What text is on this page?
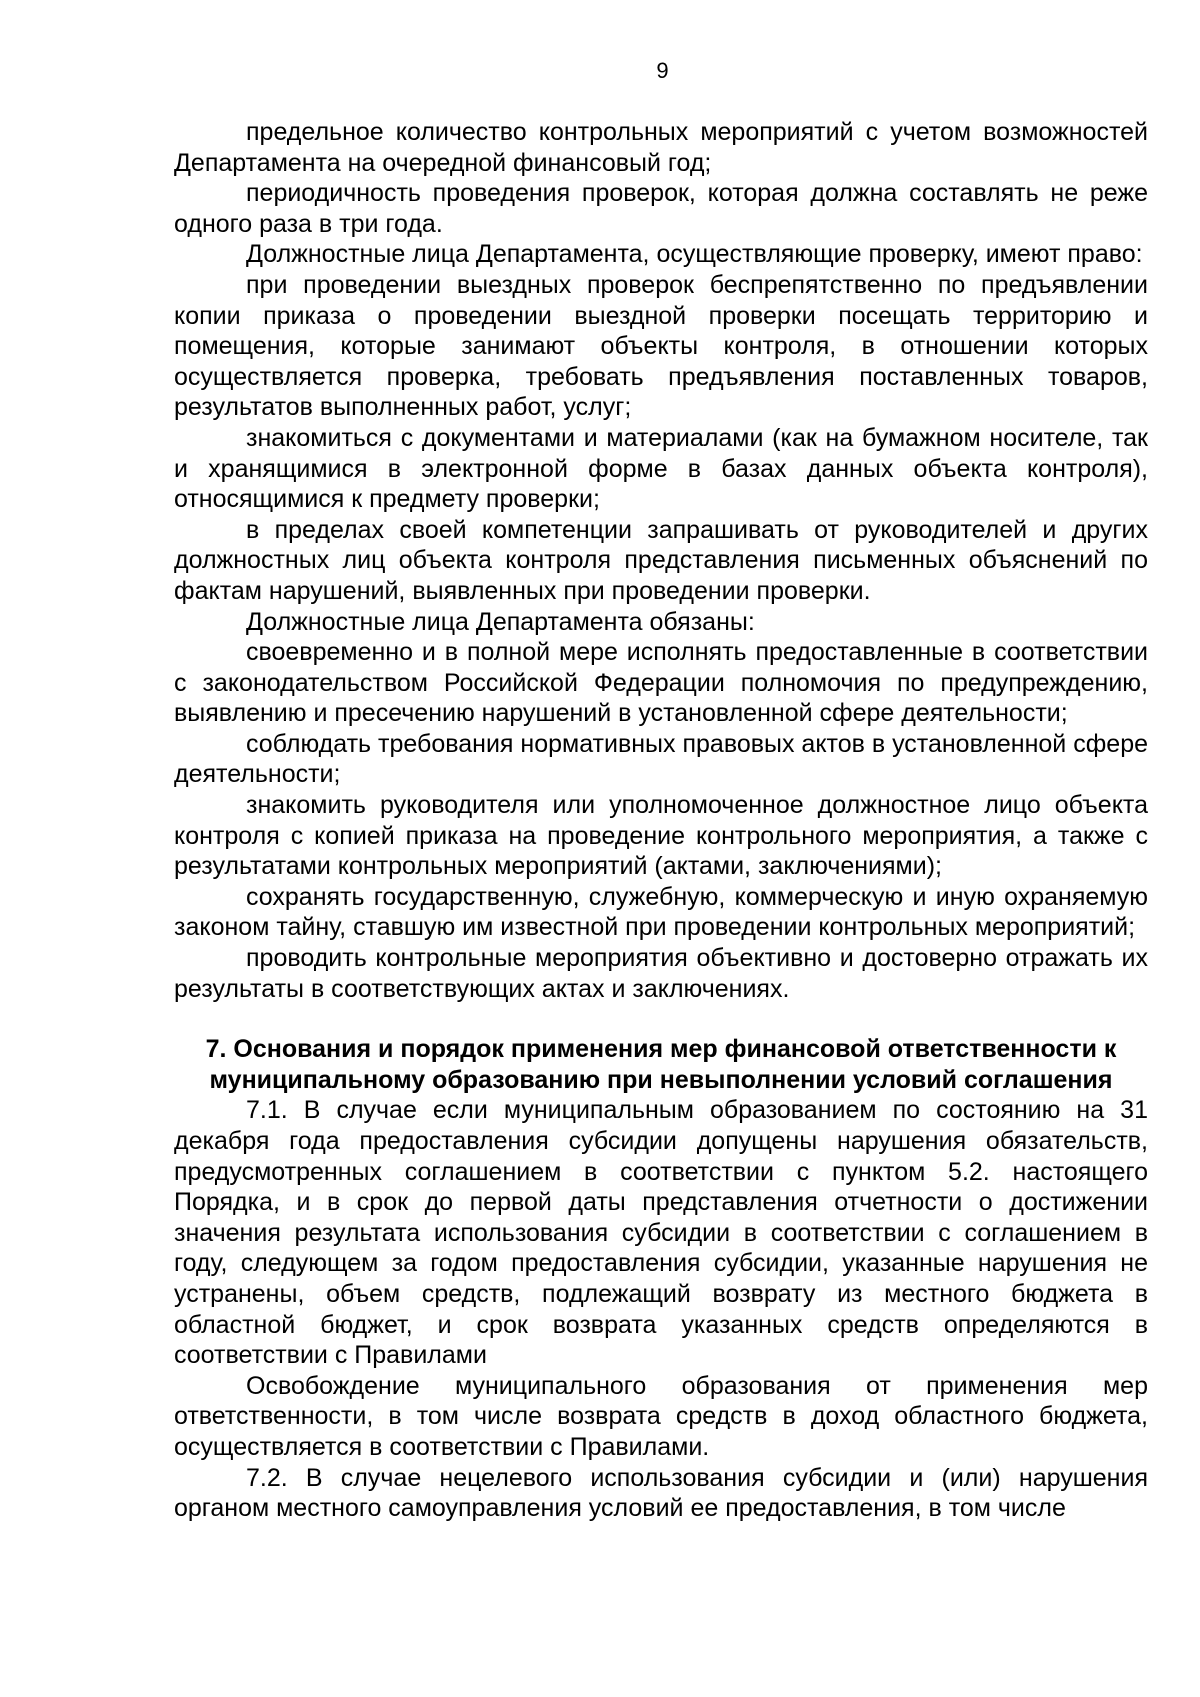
9

предельное количество контрольных мероприятий с учетом возможностей Департамента на очередной финансовый год;

периодичность проведения проверок, которая должна составлять не реже одного раза в три года.

Должностные лица Департамента, осуществляющие проверку, имеют право:

при проведении выездных проверок беспрепятственно по предъявлении копии приказа о проведении выездной проверки посещать территорию и помещения, которые занимают объекты контроля, в отношении которых осуществляется проверка, требовать предъявления поставленных товаров, результатов выполненных работ, услуг;

знакомиться с документами и материалами (как на бумажном носителе, так и хранящимися в электронной форме в базах данных объекта контроля), относящимися к предмету проверки;

в пределах своей компетенции запрашивать от руководителей и других должностных лиц объекта контроля представления письменных объяснений по фактам нарушений, выявленных при проведении проверки.

Должностные лица Департамента обязаны:

своевременно и в полной мере исполнять предоставленные в соответствии с законодательством Российской Федерации полномочия по предупреждению, выявлению и пресечению нарушений в установленной сфере деятельности;

соблюдать требования нормативных правовых актов в установленной сфере деятельности;

знакомить руководителя или уполномоченное должностное лицо объекта контроля с копией приказа на проведение контрольного мероприятия, а также с результатами контрольных мероприятий (актами, заключениями);

сохранять государственную, служебную, коммерческую и иную охраняемую законом тайну, ставшую им известной при проведении контрольных мероприятий;

проводить контрольные мероприятия объективно и достоверно отражать их результаты в соответствующих актах и заключениях.

7. Основания и порядок применения мер финансовой ответственности к муниципальному образованию при невыполнении условий соглашения

7.1. В случае если муниципальным образованием по состоянию на 31 декабря года предоставления субсидии допущены нарушения обязательств, предусмотренных соглашением в соответствии с пунктом 5.2. настоящего Порядка, и в срок до первой даты представления отчетности о достижении значения результата использования субсидии в соответствии с соглашением в году, следующем за годом предоставления субсидии, указанные нарушения не устранены, объем средств, подлежащий возврату из местного бюджета в областной бюджет, и срок возврата указанных средств определяются в соответствии с Правилами

Освобождение муниципального образования от применения мер ответственности, в том числе возврата средств в доход областного бюджета, осуществляется в соответствии с Правилами.

7.2. В случае нецелевого использования субсидии и (или) нарушения органом местного самоуправления условий ее предоставления, в том числе
